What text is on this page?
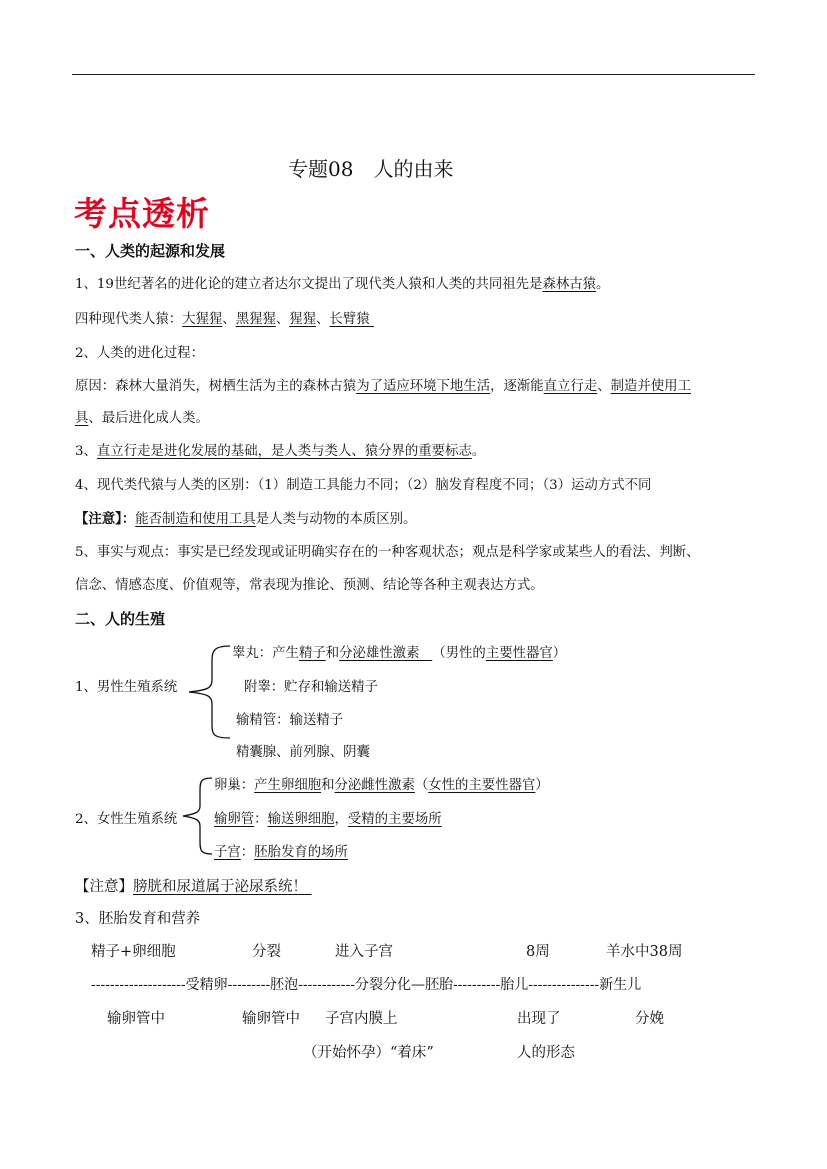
专题08　人的由来
考点透析
一、人类的起源和发展
1、19世纪著名的进化论的建立者达尔文提出了现代类人猿和人类的共同祖先是森林古猿。
四种现代类人猿：大猩猩、黑猩猩、猩猩、长臂猿
2、人类的进化过程：
原因：森林大量消失，树栖生活为主的森林古猿为了适应环境下地生活，逐渐能直立行走、制造并使用工
具、最后进化成人类。
3、直立行走是进化发展的基础，是人类与类人、猿分界的重要标志。
4、现代类代猿与人类的区别：（1）制造工具能力不同；（2）脑发育程度不同；（3）运动方式不同
【注意】：能否制造和使用工具是人类与动物的本质区别。
5、事实与观点：事实是已经发现或证明确实存在的一种客观状态；观点是科学家或某些人的看法、判断、
信念、情感态度、价值观等，常表现为推论、预测、结论等各种主观表达方式。
二、人的生殖
1、男性生殖系统
睾丸：产生精子和分泌雄性激素 （男性的主要性器官）
附睾：贮存和输送精子
输精管：输送精子
精囊腺、前列腺、阴囊
2、女性生殖系统
卵巢：产生卵细胞和分泌雌性激素（女性的主要性器官）
输卵管：输送卵细胞，受精的主要场所
子宫：胚胎发育的场所
【注意】膀胱和尿道属于泌尿系统！
3、胚胎发育和营养
精子+卵细胞	分裂	进入子宫	8周	羊水中38周
--------------------受精卵---------胚泡------------分裂分化—胚胎----------胎儿---------------新生儿
输卵管中	输卵管中 子宫内膜上	出现了	分娩
（开始怀孕）“着床”	人的形态
